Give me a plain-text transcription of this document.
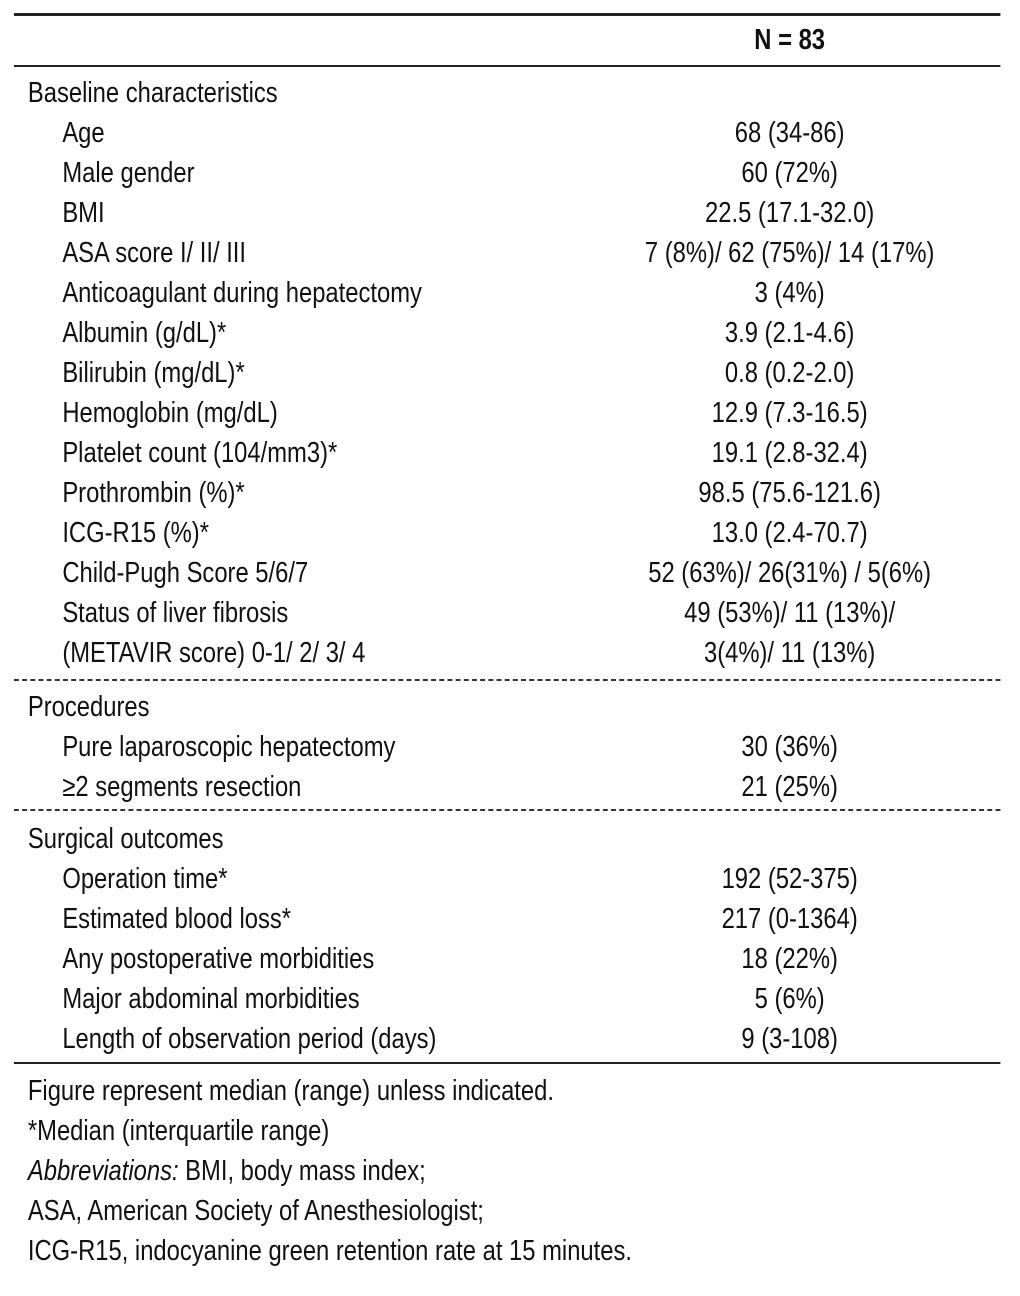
N = 83
Baseline characteristics
Age	68 (34-86)
Male gender	60 (72%)
BMI	22.5 (17.1-32.0)
ASA score I/ II/ III	7 (8%)/ 62 (75%)/ 14 (17%)
Anticoagulant during hepatectomy	3 (4%)
Albumin (g/dL)*	3.9 (2.1-4.6)
Bilirubin (mg/dL)*	0.8 (0.2-2.0)
Hemoglobin (mg/dL)	12.9 (7.3-16.5)
Platelet count (104/mm3)*	19.1 (2.8-32.4)
Prothrombin (%)*	98.5 (75.6-121.6)
ICG-R15 (%)*	13.0 (2.4-70.7)
Child-Pugh Score 5/6/7	52 (63%)/ 26(31%) / 5(6%)
Status of liver fibrosis	49 (53%)/ 11 (13%)/
(METAVIR score) 0-1/ 2/ 3/ 4	3(4%)/ 11 (13%)
Procedures
Pure laparoscopic hepatectomy	30 (36%)
≥2 segments resection	21 (25%)
Surgical outcomes
Operation time*	192 (52-375)
Estimated blood loss*	217 (0-1364)
Any postoperative morbidities	18 (22%)
Major abdominal morbidities	5 (6%)
Length of observation period (days)	9 (3-108)
Figure represent median (range) unless indicated.
*Median (interquartile range)
Abbreviations: BMI, body mass index;
ASA, American Society of Anesthesiologist;
ICG-R15, indocyanine green retention rate at 15 minutes.
